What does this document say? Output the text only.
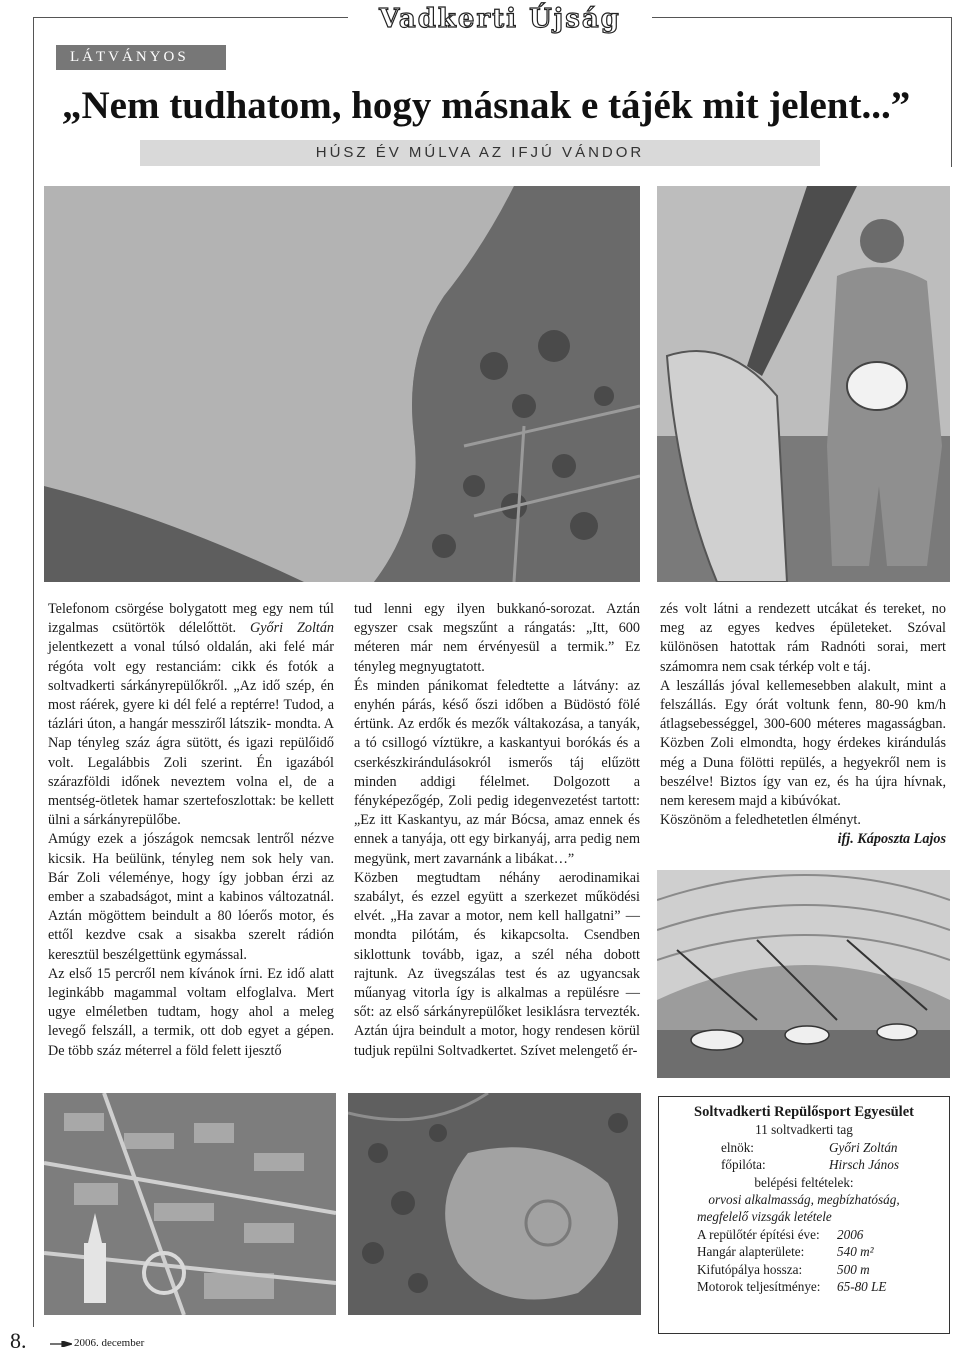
Vadkerti Újság
LÁTVÁNYOS
„Nem tudhatom, hogy másnak e tájék mit jelent...”
HÚSZ ÉV MÚLVA AZ IFJÚ VÁNDOR

Telefonom csörgése bolygatott meg egy nem túl izgalmas csütörtök délelőttöt. Győri Zoltán jelentkezett a vonal túlsó oldalán, aki felé már régóta volt egy restanciám: cikk és fotók a soltvadkerti sárkányrepülőkről. „Az idő szép, én most ráérek, gyere ki dél felé a reptérre! Tudod, a tázlári úton, a hangár messziről látszik- mondta. A Nap tényleg száz ágra sütött, és igazi repülőidő volt. Legalábbis Zoli szerint. Én igazából szárazföldi időnek neveztem volna el, de a mentség-ötletek hamar szertefoszlottak: be kellett ülni a sárkányrepülőbe.

Amúgy ezek a jószágok nemcsak lentről nézve kicsik. Ha beülünk, tényleg nem sok hely van. Bár Zoli véleménye, hogy így jobban érzi az ember a szabadságot, mint a kabinos változatnál. Aztán mögöttem beindult a 80 lóerős motor, és ettől kezdve csak a sisakba szerelt rádión keresztül beszélgettünk egymással.

Az első 15 percről nem kívánok írni. Ez idő alatt leginkább magammal voltam elfoglalva. Mert ugye elméletben tudtam, hogy ahol a meleg levegő felszáll, a termik, ott dob egyet a gépen. De több száz méterrel a föld felett ijesztő

tud lenni egy ilyen bukkanó-sorozat. Aztán egyszer csak megszűnt a rángatás: „Itt, 600 méteren már nem érvényesül a termik.” Ez tényleg megnyugtatott.

És minden pánikomat feledtette a látvány: az enyhén párás, késő őszi időben a Büdöstó fölé értünk. Az erdők és mezők váltakozása, a tanyák, a tó csillogó víztükre, a kaskantyui borókás és a cserkészkirándulásokról ismerős táj elűzött minden addigi félelmet. Dolgozott a fényképezőgép, Zoli pedig idegenvezetést tartott: „Ez itt Kaskantyu, az már Bócsa, amaz ennek és ennek a tanyája, ott egy birkanyáj, arra pedig nem megyünk, mert zavarnánk a libákat…”

Közben megtudtam néhány aerodinamikai szabályt, és ezzel együtt a szerkezet működési elvét. „Ha zavar a motor, nem kell hallgatni” — mondta pilótám, és kikapcsolta. Csendben siklottunk tovább, igaz, a szél néha dobott rajtunk. Az üvegszálas test és az ugyancsak műanyag vitorla így is alkalmas a repülésre — sőt: az első sárkányrepülőket lesiklásra tervezték. Aztán újra beindult a motor, hogy rendesen körül tudjuk repülni Soltvadkertet. Szívet melengető ér-

zés volt látni a rendezett utcákat és tereket, no meg az egyes kedves épületeket. Szóval különösen hatottak rám Radnóti sorai, mert számomra nem csak térkép volt e táj.

A leszállás jóval kellemesebben alakult, mint a felszállás. Egy órát voltunk fenn, 80-90 km/h átlagsebességgel, 300-600 méteres magasságban. Közben Zoli elmondta, hogy érdekes kirándulás még a Duna fölötti repülés, a hegyekről nem is beszélve! Biztos így van ez, és ha újra hívnak, nem keresem majd a kibúvókat.

Köszönöm a feledhetetlen élményt.

ifj. Káposzta Lajos

Soltvadkerti Repülősport Egyesület
11 soltvadkerti tag
elnök:	Győri Zoltán
főpilóta:	Hirsch János
belépési feltételek:
orvosi alkalmasság, megbízhatóság,
megfelelő vizsgák letétele
A repülőtér építési éve:	2006
Hangár alapterülete:	540 m²
Kifutópálya hossza:	500 m
Motorok teljesítménye:	65-80 LE
8.	2006. december
